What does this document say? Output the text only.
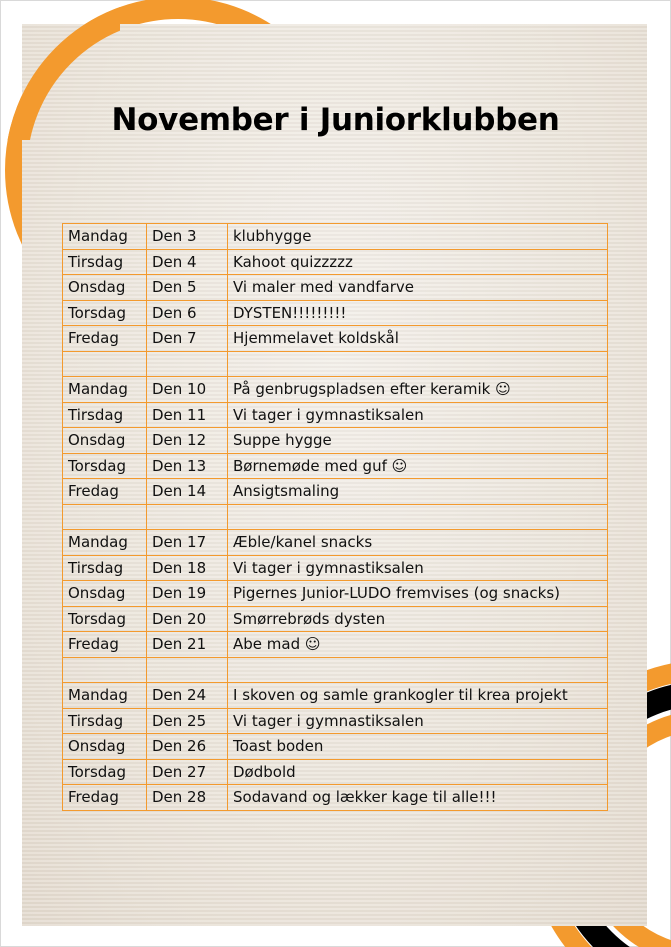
November i Juniorklubben
Mandag	Den 3	klubhygge
Tirsdag	Den 4	Kahoot quizzzzz
Onsdag	Den 5	Vi maler med vandfarve
Torsdag	Den 6	DYSTEN!!!!!!!!!
Fredag	Den 7	Hjemmelavet koldskål

Mandag	Den 10	På genbrugspladsen efter keramik ☺
Tirsdag	Den 11	Vi tager i gymnastiksalen
Onsdag	Den 12	Suppe hygge
Torsdag	Den 13	Børnemøde med guf ☺
Fredag	Den 14	Ansigtsmaling

Mandag	Den 17	Æble/kanel snacks
Tirsdag	Den 18	Vi tager i gymnastiksalen
Onsdag	Den 19	Pigernes Junior-LUDO fremvises (og snacks)
Torsdag	Den 20	Smørrebrøds dysten
Fredag	Den 21	Abe mad ☺

Mandag	Den 24	I skoven og samle grankogler til krea projekt
Tirsdag	Den 25	Vi tager i gymnastiksalen
Onsdag	Den 26	Toast boden
Torsdag	Den 27	Dødbold
Fredag	Den 28	Sodavand og lækker kage til alle!!!
